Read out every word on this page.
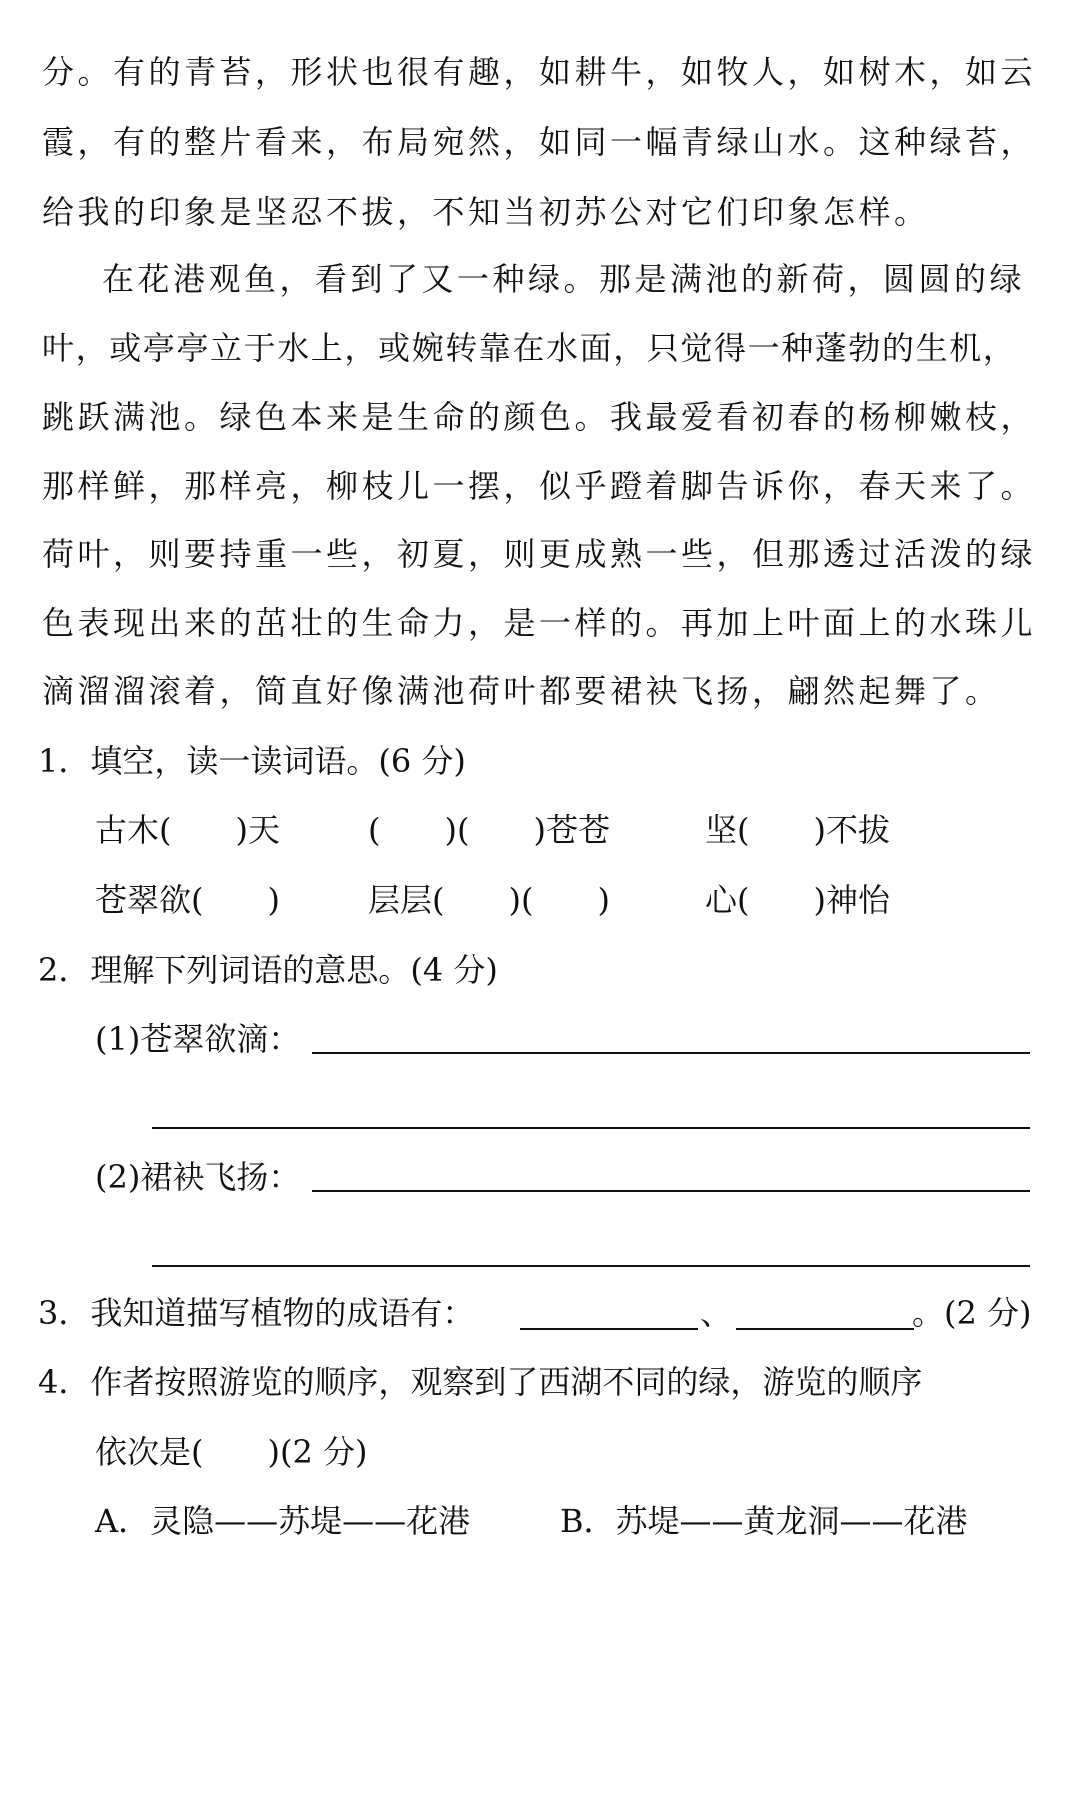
分。有的青苔，形状也很有趣，如耕牛，如牧人，如树木，如云
霞，有的整片看来，布局宛然，如同一幅青绿山水。这种绿苔，
给我的印象是坚忍不拔，不知当初苏公对它们印象怎样。
在花港观鱼，看到了又一种绿。那是满池的新荷，圆圆的绿
叶，或亭亭立于水上，或婉转靠在水面，只觉得一种蓬勃的生机，
跳跃满池。绿色本来是生命的颜色。我最爱看初春的杨柳嫩枝，
那样鲜，那样亮，柳枝儿一摆，似乎蹬着脚告诉你，春天来了。
荷叶，则要持重一些，初夏，则更成熟一些，但那透过活泼的绿
色表现出来的茁壮的生命力，是一样的。再加上叶面上的水珠儿
滴溜溜滚着，简直好像满池荷叶都要裙袂飞扬，翩然起舞了。
1．填空，读一读词语。(6 分)
古木(　　)天	(　　)(　　)苍苍	坚(　　)不拔
苍翠欲(　　)	层层(　　)(　　)	心(　　)神怡
2．理解下列词语的意思。(4 分)
(1)苍翠欲滴：
(2)裙袂飞扬：
3．我知道描写植物的成语有：	、	。(2 分)
4．作者按照游览的顺序，观察到了西湖不同的绿，游览的顺序
依次是(　　)(2 分)
A．灵隐——苏堤——花港	B．苏堤——黄龙洞——花港
